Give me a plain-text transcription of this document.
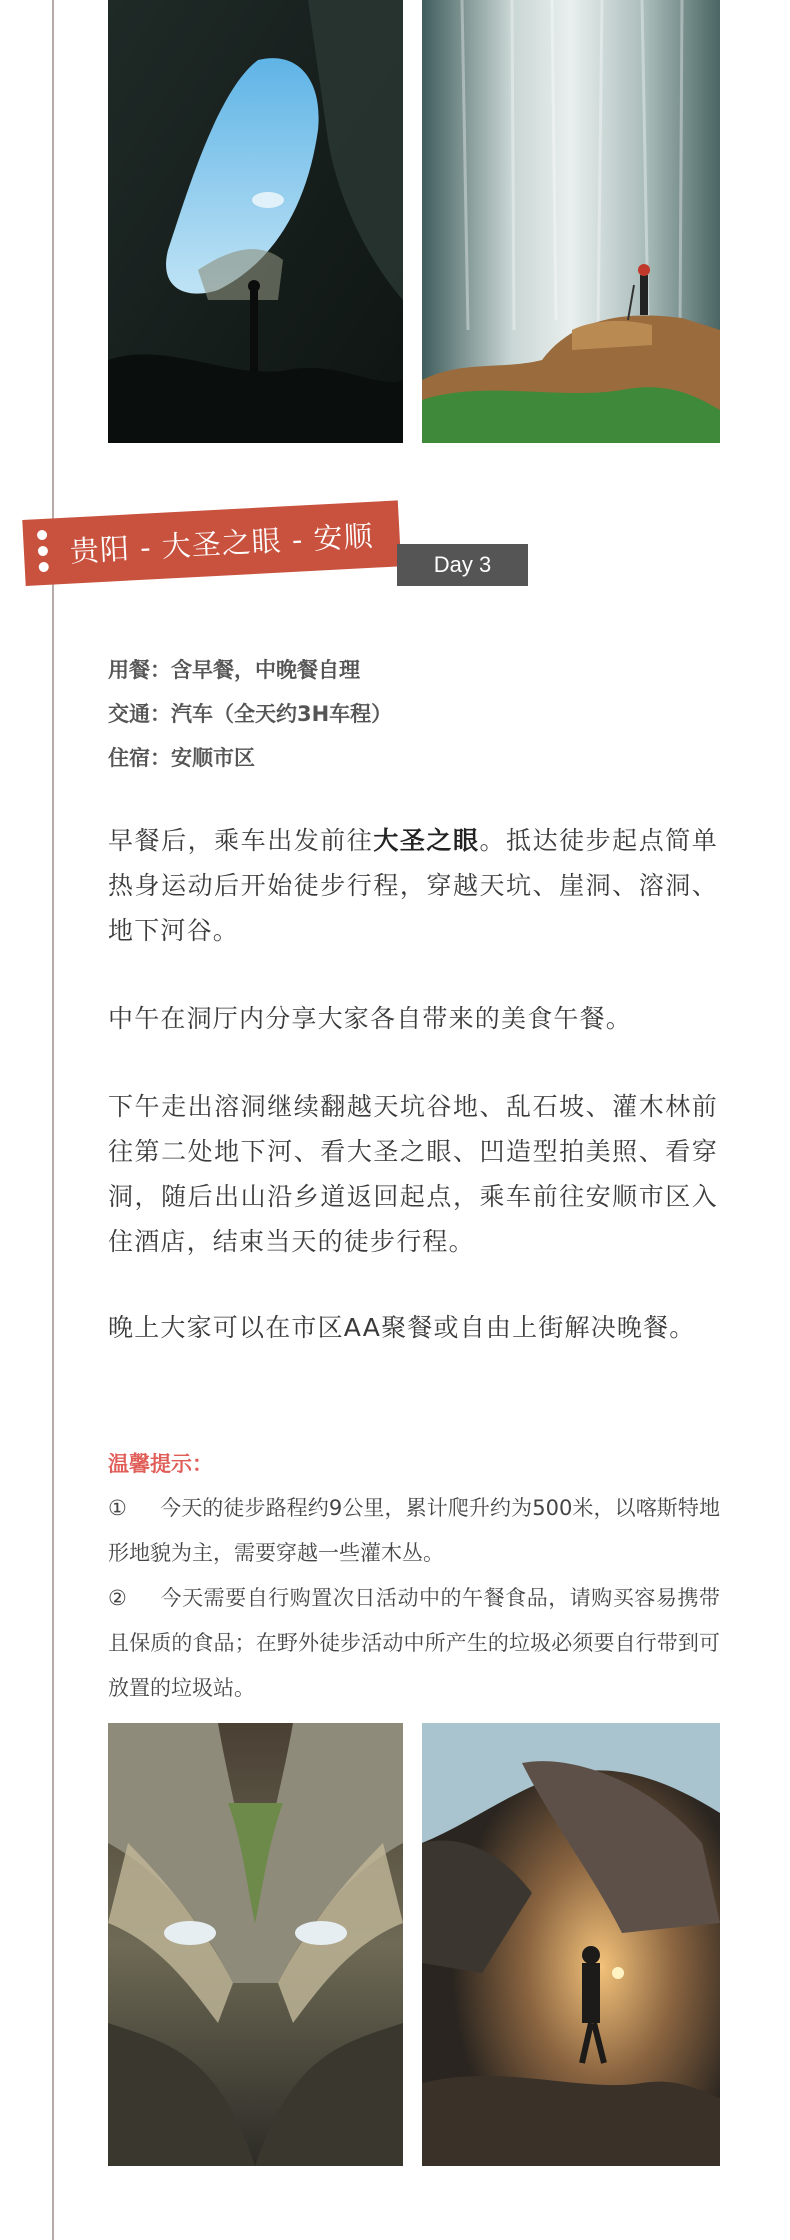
贵阳 - 大圣之眼 - 安顺	Day 3
用餐：含早餐，中晚餐自理
交通：汽车（全天约3H车程）
住宿：安顺市区
早餐后，乘车出发前往大圣之眼。抵达徒步起点简单热身运动后开始徒步行程，穿越天坑、崖洞、溶洞、地下河谷。
中午在洞厅内分享大家各自带来的美食午餐。
下午走出溶洞继续翻越天坑谷地、乱石坡、灌木林前往第二处地下河、看大圣之眼、凹造型拍美照、看穿洞，随后出山沿乡道返回起点，乘车前往安顺市区入住酒店，结束当天的徒步行程。
晚上大家可以在市区AA聚餐或自由上街解决晚餐。
温馨提示：

① 今天的徒步路程约9公里，累计爬升约为500米，以喀斯特地形地貌为主，需要穿越一些灌木丛。

② 今天需要自行购置次日活动中的午餐食品，请购买容易携带且保质的食品；在野外徒步活动中所产生的垃圾必须要自行带到可放置的垃圾站。
